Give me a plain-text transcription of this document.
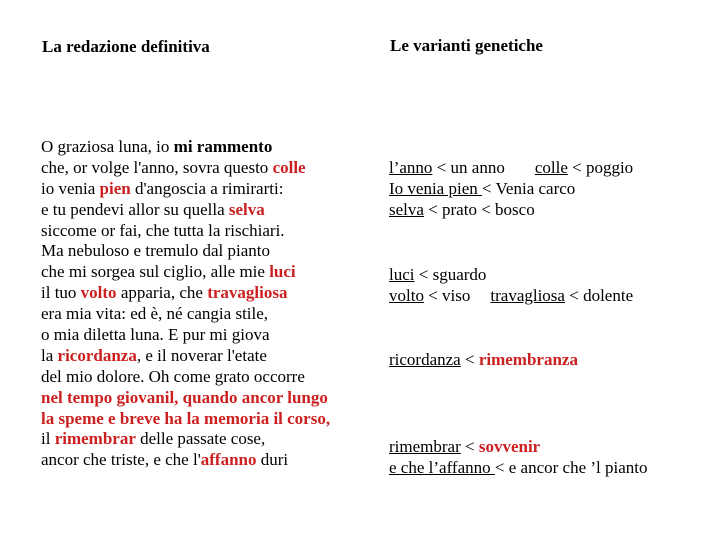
La redazione definitiva	Le varianti genetiche
O graziosa luna, io mi rammento
che, or volge l'anno, sovra questo colle
io venia pien d'angoscia a rimirarti:
e tu pendevi allor su quella selva
siccome or fai, che tutta la rischiari.
Ma nebuloso e tremulo dal pianto
che mi sorgea sul ciglio, alle mie luci
il tuo volto apparia, che travagliosa
era mia vita: ed è, né cangia stile,
o mia diletta luna. E pur mi giova
la ricordanza, e il noverar l'etate
del mio dolore. Oh come grato occorre
nel tempo giovanil, quando ancor lungo
la speme e breve ha la memoria il corso,
il rimembrar delle passate cose,
ancor che triste, e che l'affanno duri
l’anno < un anno colle < poggio
Io venia pien < Venia carco
selva < prato < bosco
luci < sguardo
volto < viso travagliosa < dolente
ricordanza < rimembranza
rimembrar < sovvenir
e che l’affanno < e ancor che ’l pianto
